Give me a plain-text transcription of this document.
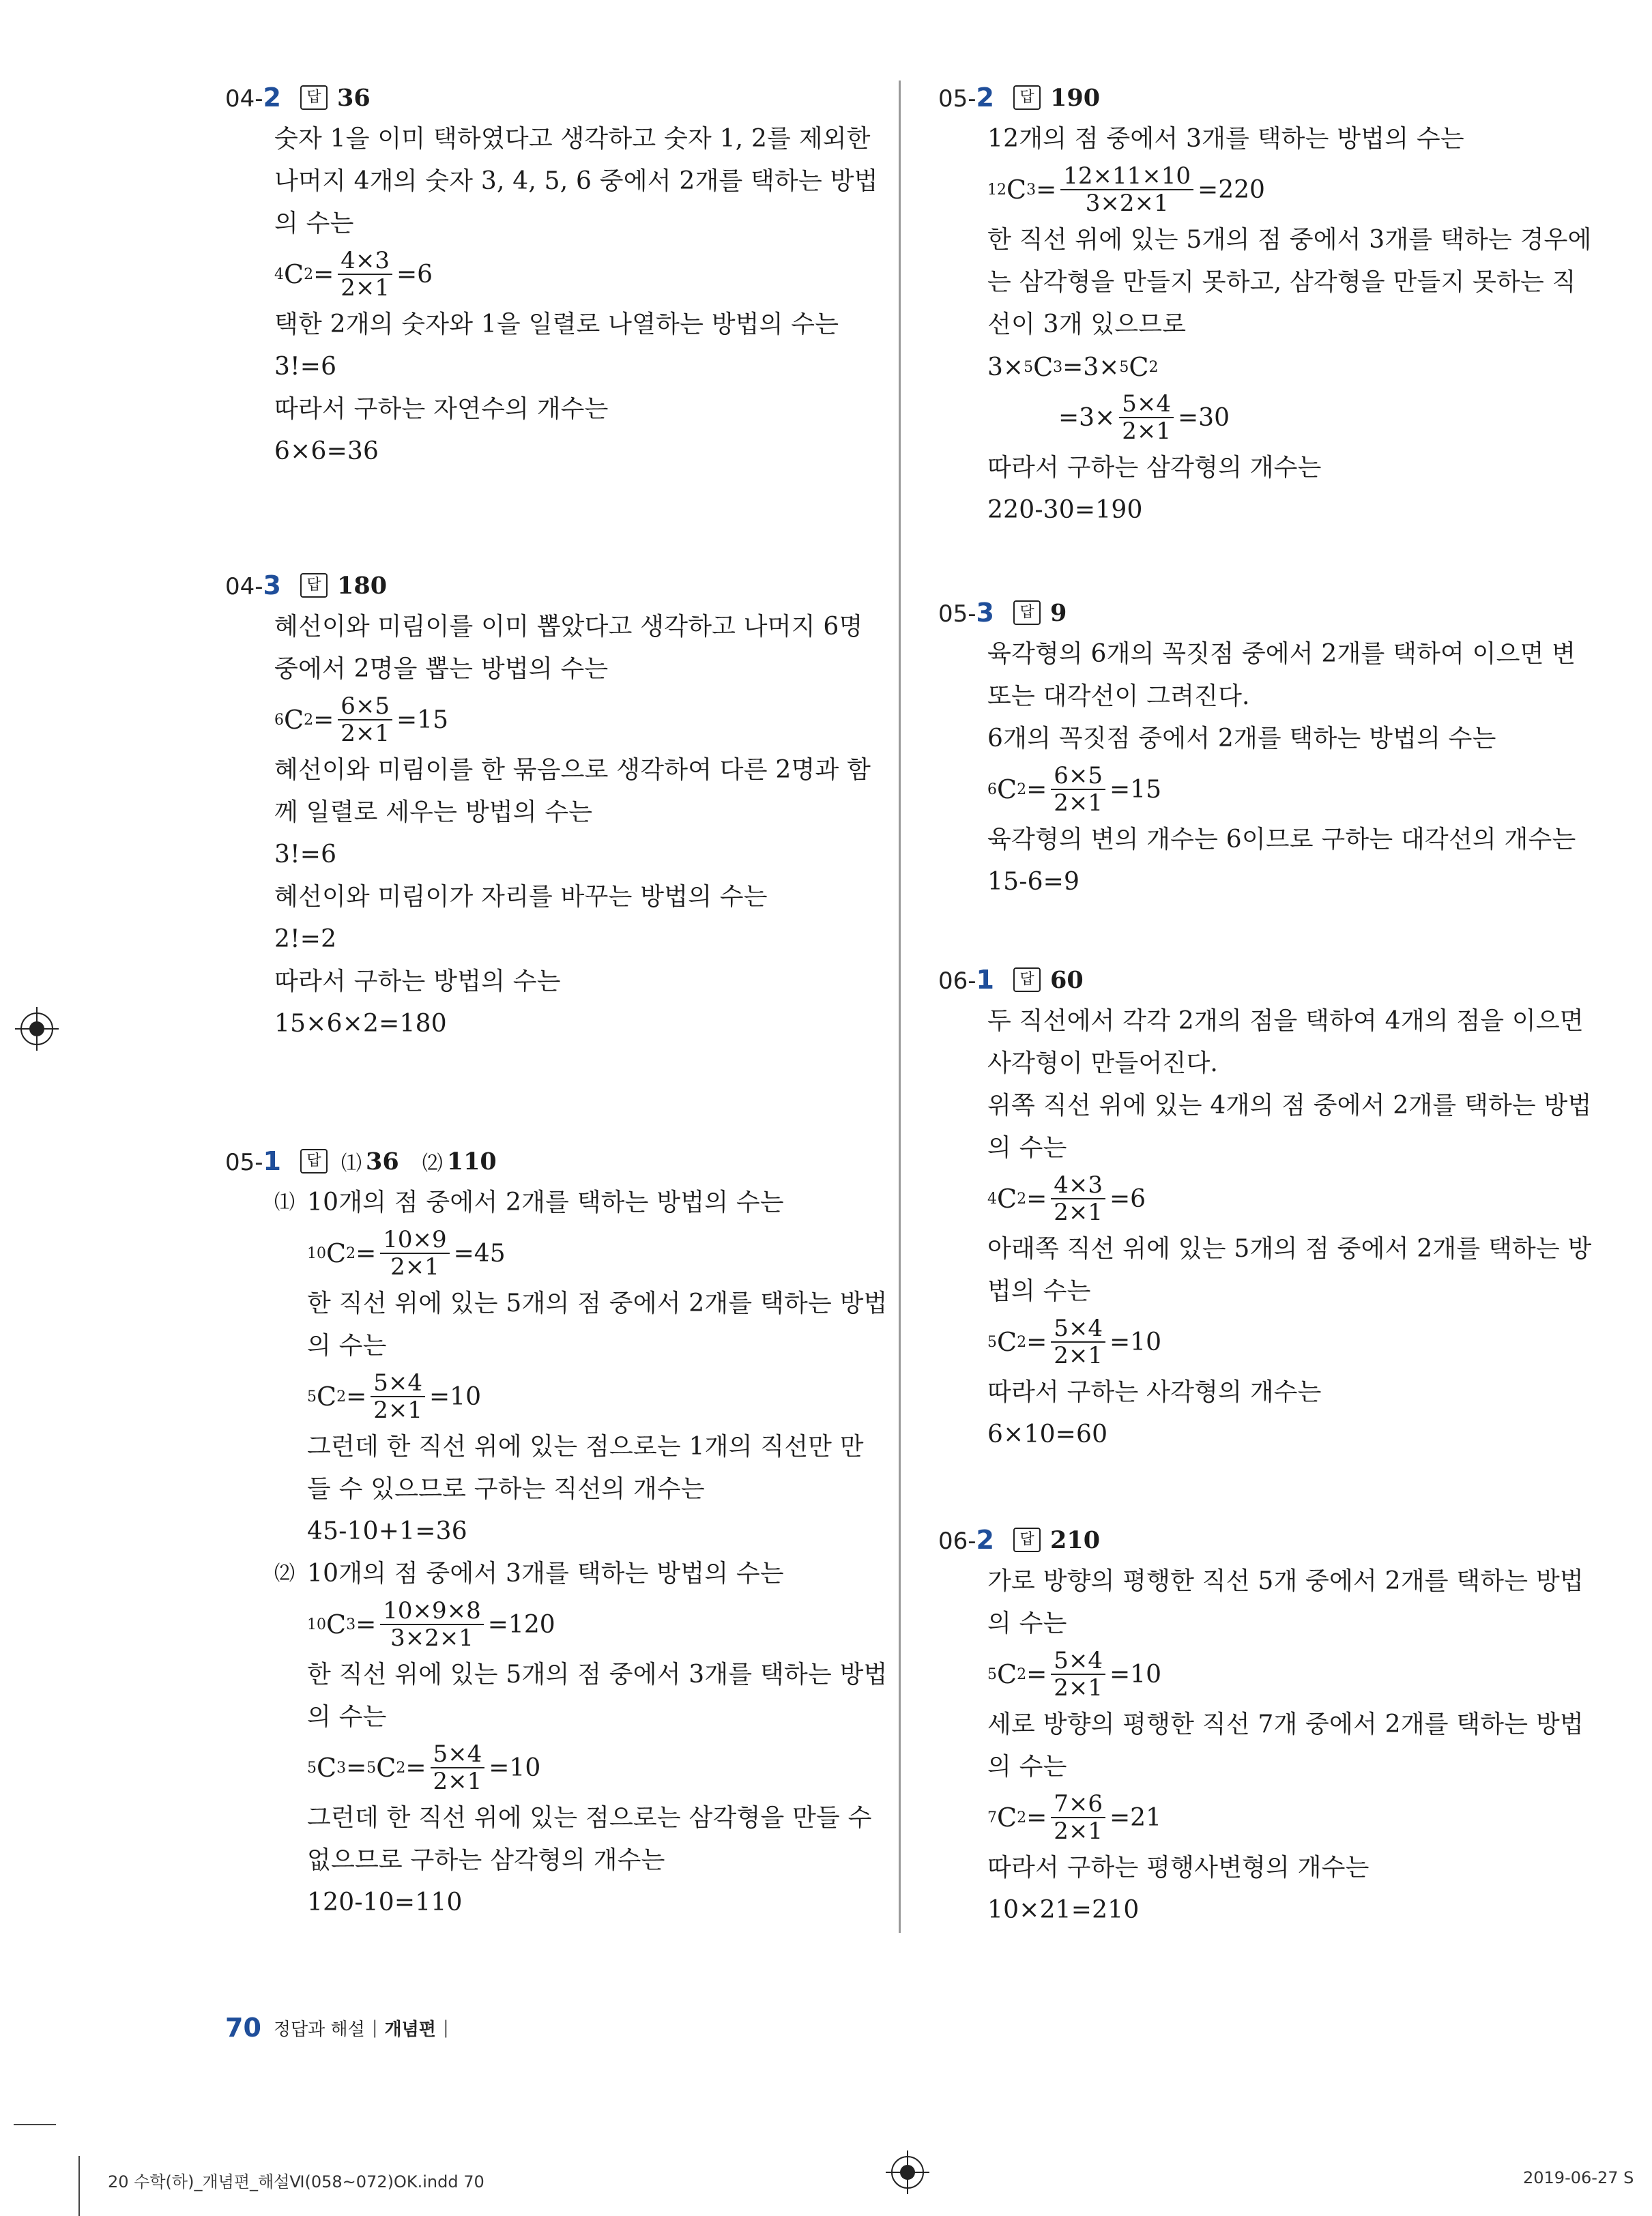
04-2	답 36
숫자 1을 이미 택하였다고 생각하고 숫자 1, 2를 제외한
나머지 4개의 숫자 3, 4, 5, 6 중에서 2개를 택하는 방법
의 수는
4 C $2 = \frac{4\times 3}{2\times 1} =6$
택한 2개의 숫자와 1을 일렬로 나열하는 방법의 수는
3!=6
따라서 구하는 자연수의 개수는
6×6=36
04-3	답 180
혜선이와 미림이를 이미 뽑았다고 생각하고 나머지 6명
중에서 2명을 뽑는 방법의 수는
6 C $2 = \frac{6\times 5}{2\times 1} =15$
혜선이와 미림이를 한 묶음으로 생각하여 다른 2명과 함
께 일렬로 세우는 방법의 수는
3!=6
혜선이와 미림이가 자리를 바꾸는 방법의 수는
2!=2
따라서 구하는 방법의 수는
15×6×2=180
05-1	답 ⑴ 36 ⑵ 110
⑴ 10개의 점 중에서 2개를 택하는 방법의 수는
10 C $2 = \frac{10\times 9}{2\times 1} =45$
한 직선 위에 있는 5개의 점 중에서 2개를 택하는 방법
의 수는
5 C $2 = \frac{5\times 4}{2\times 1} =10$
그런데 한 직선 위에 있는 점으로는 1개의 직선만 만
들 수 있으므로 구하는 직선의 개수는
45-10+1=36
⑵ 10개의 점 중에서 3개를 택하는 방법의 수는
10 C $3 = \frac{10\times 9\times 8}{3\times 2\times 1} =120$
한 직선 위에 있는 5개의 점 중에서 3개를 택하는 방법
의 수는
5 C 3 = 5 C $2 = \frac{5\times 4}{2\times 1} =10$
그런데 한 직선 위에 있는 점으로는 삼각형을 만들 수
없으므로 구하는 삼각형의 개수는
120-10=110
05-2	답 190
12개의 점 중에서 3개를 택하는 방법의 수는
12 C $3 = \frac{12\times 11\times 10}{3\times 2\times 1} =220$
한 직선 위에 있는 5개의 점 중에서 3개를 택하는 경우에
는 삼각형을 만들지 못하고, 삼각형을 만들지 못하는 직
선이 3개 있으므로
3× 5 C 3 =3× 5 C 2
$=3\times \frac{5\times 4}{2\times 1} =30$
따라서 구하는 삼각형의 개수는
220-30=190
05-3	답 9
육각형의 6개의 꼭짓점 중에서 2개를 택하여 이으면 변
또는 대각선이 그려진다.
6개의 꼭짓점 중에서 2개를 택하는 방법의 수는
6 C $2 = \frac{6\times 5}{2\times 1} =15$
육각형의 변의 개수는 6이므로 구하는 대각선의 개수는
15-6=9
06-1	답 60
두 직선에서 각각 2개의 점을 택하여 4개의 점을 이으면
사각형이 만들어진다.
위쪽 직선 위에 있는 4개의 점 중에서 2개를 택하는 방법
의 수는
4 C $2 = \frac{4\times 3}{2\times 1} =6$
아래쪽 직선 위에 있는 5개의 점 중에서 2개를 택하는 방
법의 수는
5 C $2 = \frac{5\times 4}{2\times 1} =10$
따라서 구하는 사각형의 개수는
6×10=60
06-2	답 210
가로 방향의 평행한 직선 5개 중에서 2개를 택하는 방법
의 수는
5 C $2 = \frac{5\times 4}{2\times 1} =10$
세로 방향의 평행한 직선 7개 중에서 2개를 택하는 방법
의 수는
7 C $2 = \frac{7\times 6}{2\times 1} =21$
따라서 구하는 평행사변형의 개수는
10×21=210
70 정답과 해설 | 개념편 |
20 수학(하)_개념편_해설Ⅵ(058~072)OK.indd 70	2019-06-27 S
